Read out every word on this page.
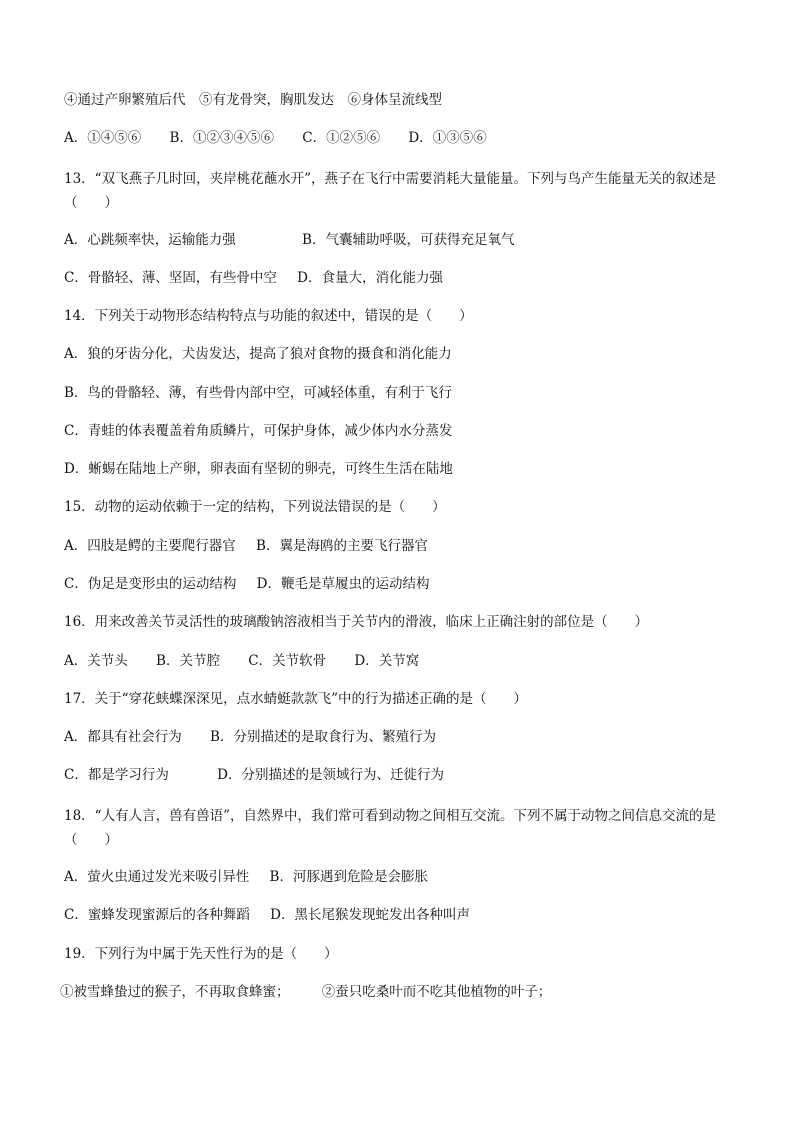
④通过产卵繁殖后代　⑤有龙骨突，胸肌发达　⑥身体呈流线型
A．①④⑤⑥ B．①②③④⑤⑥ C．①②⑤⑥ D．①③⑤⑥
13．“双飞燕子几时回，夹岸桃花蘸水开”，燕子在飞行中需要消耗大量能量。下列与鸟产生能量无关的叙述是（　　）
A．心跳频率快，运输能力强	B．气囊辅助呼吸，可获得充足氧气
C．骨骼轻、薄、坚固，有些骨中空 D．食量大，消化能力强
14．下列关于动物形态结构特点与功能的叙述中，错误的是（　　）
A．狼的牙齿分化，犬齿发达，提高了狼对食物的摄食和消化能力
B．鸟的骨骼轻、薄，有些骨内部中空，可减轻体重，有利于飞行
C．青蛙的体表覆盖着角质鳞片，可保护身体，减少体内水分蒸发
D．蜥蜴在陆地上产卵，卵表面有坚韧的卵壳，可终生生活在陆地
15．动物的运动依赖于一定的结构，下列说法错误的是（　　）
A．四肢是鳄的主要爬行器官 B．翼是海鸥的主要飞行器官
C．伪足是变形虫的运动结构 D．鞭毛是草履虫的运动结构
16．用来改善关节灵活性的玻璃酸钠溶液相当于关节内的滑液，临床上正确注射的部位是（　　）
A．关节头 B．关节腔 C．关节软骨 D．关节窝
17．关于“穿花蛱蝶深深见，点水蜻蜓款款飞”中的行为描述正确的是（　　）
A．都具有社会行为 B．分别描述的是取食行为、繁殖行为
C．都是学习行为	D．分别描述的是领域行为、迁徙行为
18．“人有人言，兽有兽语”，自然界中，我们常可看到动物之间相互交流。下列不属于动物之间信息交流的是（　　）
A．萤火虫通过发光来吸引异性 B．河豚遇到危险是会膨胀
C．蜜蜂发现蜜源后的各种舞蹈 D．黑长尾猴发现蛇发出各种叫声
19．下列行为中属于先天性行为的是（　　）
①被雪蜂蛰过的猴子，不再取食蜂蜜； ②蚕只吃桑叶而不吃其他植物的叶子；
